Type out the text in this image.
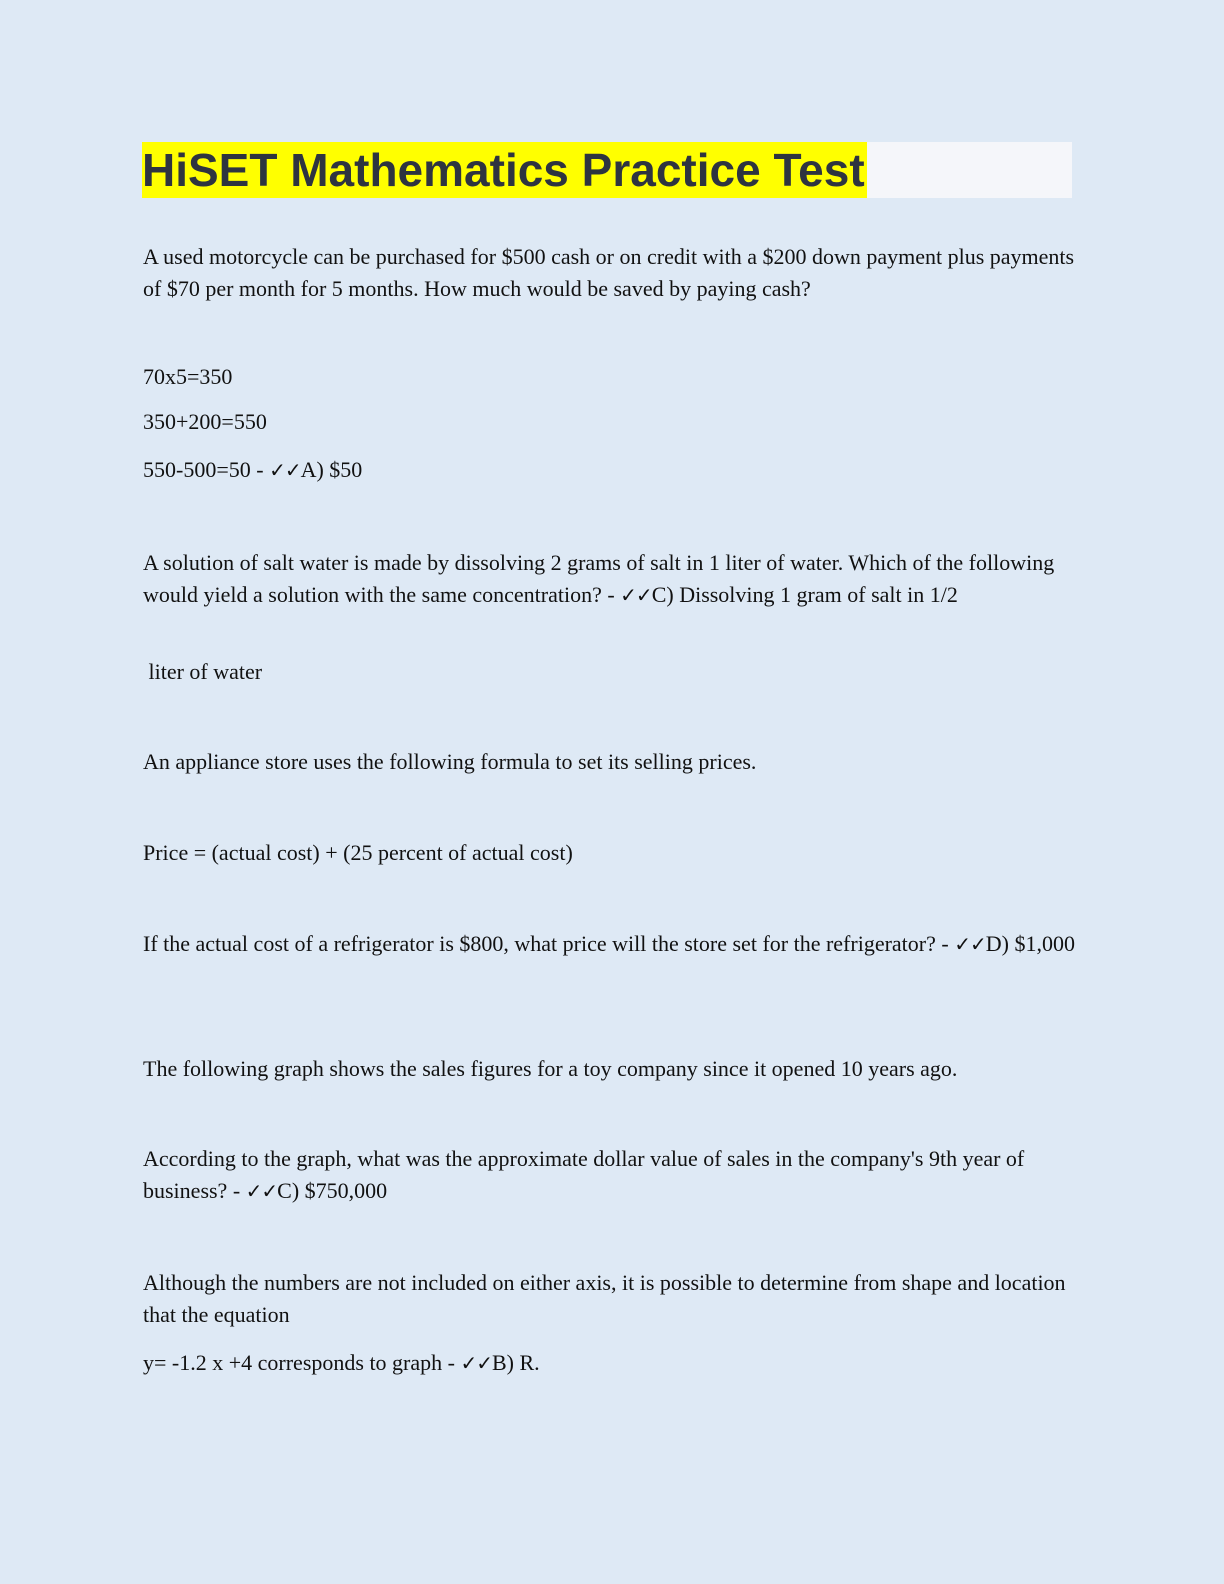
HiSET Mathematics Practice Test

A used motorcycle can be purchased for $500 cash or on credit with a $200 down payment plus payments of $70 per month for 5 months. How much would be saved by paying cash?

70x5=350

350+200=550

550-500=50 - ✓✓A) $50

A solution of salt water is made by dissolving 2 grams of salt in 1 liter of water. Which of the following would yield a solution with the same concentration? - ✓✓C) Dissolving 1 gram of salt in 1/2

liter of water

An appliance store uses the following formula to set its selling prices.

Price = (actual cost) + (25 percent of actual cost)

If the actual cost of a refrigerator is $800, what price will the store set for the refrigerator? - ✓✓D) $1,000

The following graph shows the sales figures for a toy company since it opened 10 years ago.

According to the graph, what was the approximate dollar value of sales in the company's 9th year of business? - ✓✓C) $750,000

Although the numbers are not included on either axis, it is possible to determine from shape and location that the equation

y= -1.2 x +4 corresponds to graph - ✓✓B) R.
